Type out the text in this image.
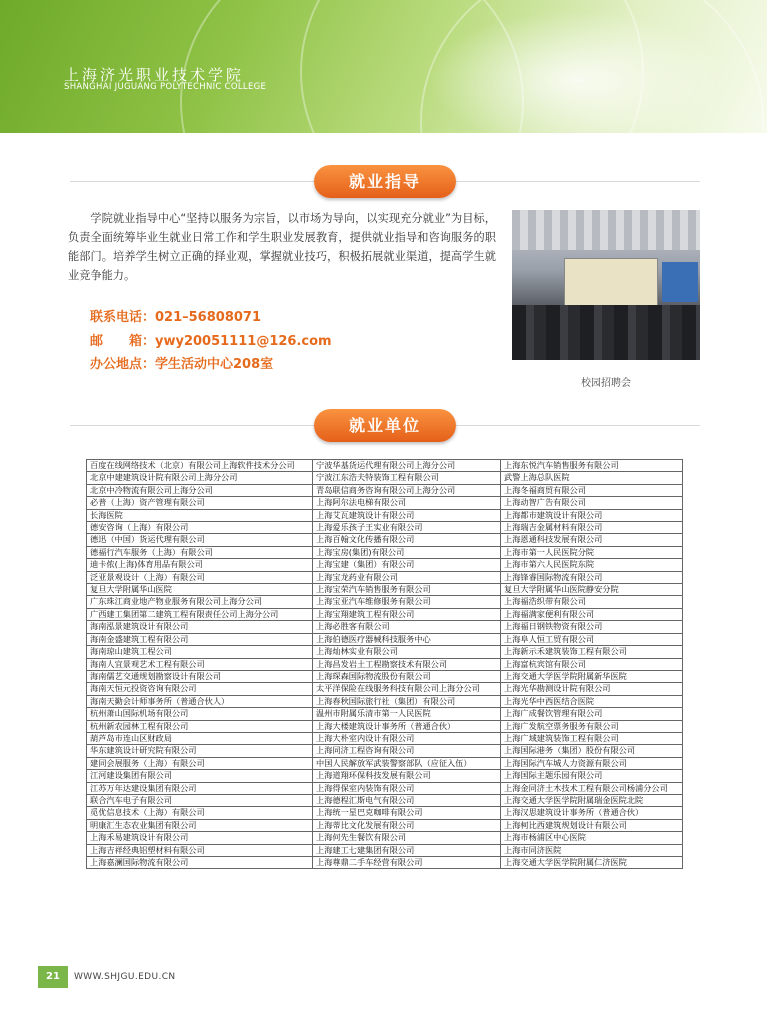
上海济光职业技术学院
SHANGHAI JUGUANG POLYTECHNIC COLLEGE
就业指导
学院就业指导中心“坚持以服务为宗旨，以市场为导向，以实现充分就业”为目标，负责全面统筹毕业生就业日常工作和学生职业发展教育，提供就业指导和咨询服务的职能部门。培养学生树立正确的择业观，掌握就业技巧，积极拓展就业渠道，提高学生就业竞争能力。
联系电话：021–56808071
邮　　箱：ywy20051111@126.com
办公地点：学生活动中心208室
校园招聘会
就业单位
百度在线网络技术（北京）有限公司上海软件技术分公司	宁波华基货运代理有限公司上海分公司	上海东悦汽车销售服务有限公司
北京中建建筑设计院有限公司上海分公司	宁波江东浩夫特装饰工程有限公司	武警上海总队医院
北京中冷物流有限公司上海分公司	青岛联信商务咨询有限公司上海分公司	上海冬福商贸有限公司
必普（上海）资产管理有限公司	上海阿尔法电梯有限公司	上海动智广告有限公司
长海医院	上海艾瓦建筑设计有限公司	上海都市建筑设计有限公司
德安咨询（上海）有限公司	上海爱乐孩子王实业有限公司	上海瑞吉金属材料有限公司
德迅（中国）货运代理有限公司	上海百翰文化传播有限公司	上海恩通科技发展有限公司
德福行汽车服务（上海）有限公司	上海宝房(集团)有限公司	上海市第一人民医院分院
迪卡侬(上海)体育用品有限公司	上海宝建（集团）有限公司	上海市第六人民医院东院
泛亚景观设计（上海）有限公司	上海宝龙药业有限公司	上海锋睿国际物流有限公司
复旦大学附属华山医院	上海宝荣汽车销售服务有限公司	复旦大学附属华山医院静安分院
广东珠江商业地产物业服务有限公司上海分公司	上海宝亚汽车维修服务有限公司	上海福浩织带有限公司
广西建工集团第二建筑工程有限责任公司上海分公司	上海宝翔建筑工程有限公司	上海福满家便利有限公司
海南泓景建筑设计有限公司	上海必胜客有限公司	上海福日钢铁物资有限公司
海南金盛建筑工程有限公司	上海伯德医疗器械科技服务中心	上海阜人恒工贸有限公司
海南琼山建筑工程公司	上海灿林实业有限公司	上海新示禾建筑装饰工程有限公司
海南人宜景观艺术工程有限公司	上海昌发岩土工程勘察技术有限公司	上海富杭宾馆有限公司
海南儒艺交通规划勘察设计有限公司	上海琛森国际物流股份有限公司	上海交通大学医学院附属新华医院
海南天恒元投资咨询有限公司	太平洋保险在线服务科技有限公司上海分公司	上海光华勘测设计院有限公司
海南天勤会计师事务所（普通合伙人）	上海春秋国际旅行社（集团）有限公司	上海光华中西医结合医院
杭州萧山国际机场有限公司	温州市附属乐清市第一人民医院	上海广成餐饮管理有限公司
杭州新农园林工程有限公司	上海大楼建筑设计事务所（普通合伙）	上海广发航空票务服务有限公司
葫芦岛市连山区财政局	上海大朴室内设计有限公司	上海广域建筑装饰工程有限公司
华东建筑设计研究院有限公司	上海同济工程咨询有限公司	上海国际港务（集团）股份有限公司
建同会展服务（上海）有限公司	中国人民解放军武装警察部队（应征入伍）	上海国际汽车城人力资源有限公司
江河建设集团有限公司	上海道翔环保科技发展有限公司	上海国际主题乐园有限公司
江苏万年达建设集团有限公司	上海得保室内装饰有限公司	上海金同济土木技术工程有限公司杨浦分公司
联合汽车电子有限公司	上海德程汇斯电气有限公司	上海交通大学医学院附属瑞金医院北院
觅优信息技术（上海）有限公司	上海统一星巴克咖啡有限公司	上海汉思建筑设计事务所（普通合伙）
明康汇生态农业集团有限公司	上海蒂比文化发展有限公司	上海柯比西建筑规划设计有限公司
上海禾易建筑设计有限公司	上海何先生餐饮有限公司	上海市杨浦区中心医院
上海吉祥经典铝塑材料有限公司	上海建工七建集团有限公司	上海市同济医院
上海嘉澜国际物流有限公司	上海尊鼎二手车经营有限公司	上海交通大学医学院附属仁济医院
21	WWW.SHJGU.EDU.CN
